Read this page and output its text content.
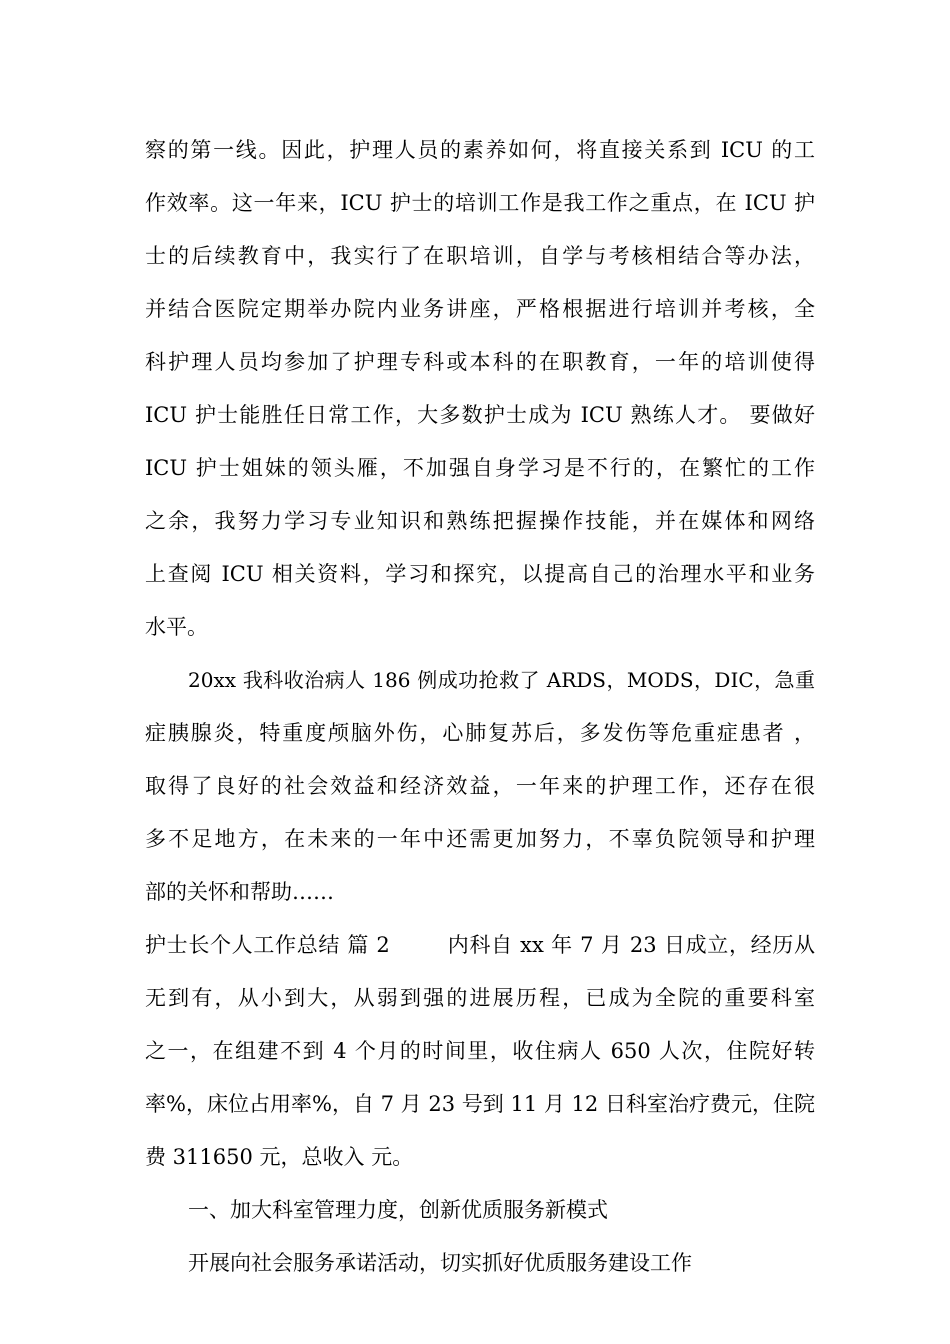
察的第一线。因此，护理人员的素养如何，将直接关系到 ICU 的工

作效率。这一年来，ICU 护士的培训工作是我工作之重点，在 ICU 护

士的后续教育中，我实行了在职培训，自学与考核相结合等办法，

并结合医院定期举办院内业务讲座，严格根据进行培训并考核，全

科护理人员均参加了护理专科或本科的在职教育，一年的培训使得

ICU 护士能胜任日常工作，大多数护士成为 ICU 熟练人才。 要做好

ICU 护士姐妹的领头雁，不加强自身学习是不行的，在繁忙的工作

之余，我努力学习专业知识和熟练把握操作技能，并在媒体和网络

上查阅 ICU 相关资料，学习和探究，以提高自己的治理水平和业务

水平。

20xx 我科收治病人 186 例成功抢救了 ARDS，MODS，DIC，急重

症胰腺炎，特重度颅脑外伤，心肺复苏后，多发伤等危重症患者 ，

取得了良好的社会效益和经济效益，一年来的护理工作，还存在很

多不足地方，在未来的一年中还需更加努力，不辜负院领导和护理

部的关怀和帮助……

护士长个人工作总结 篇 2 　　 内科自 xx 年 7 月 23 日成立，经历从

无到有，从小到大，从弱到强的进展历程，已成为全院的重要科室

之一，在组建不到 4 个月的时间里，收住病人 650 人次，住院好转

率%，床位占用率%，自 7 月 23 号到 11 月 12 日科室治疗费元，住院

费 311650 元，总收入 元。

一、加大科室管理力度，创新优质服务新模式

开展向社会服务承诺活动，切实抓好优质服务建设工作
